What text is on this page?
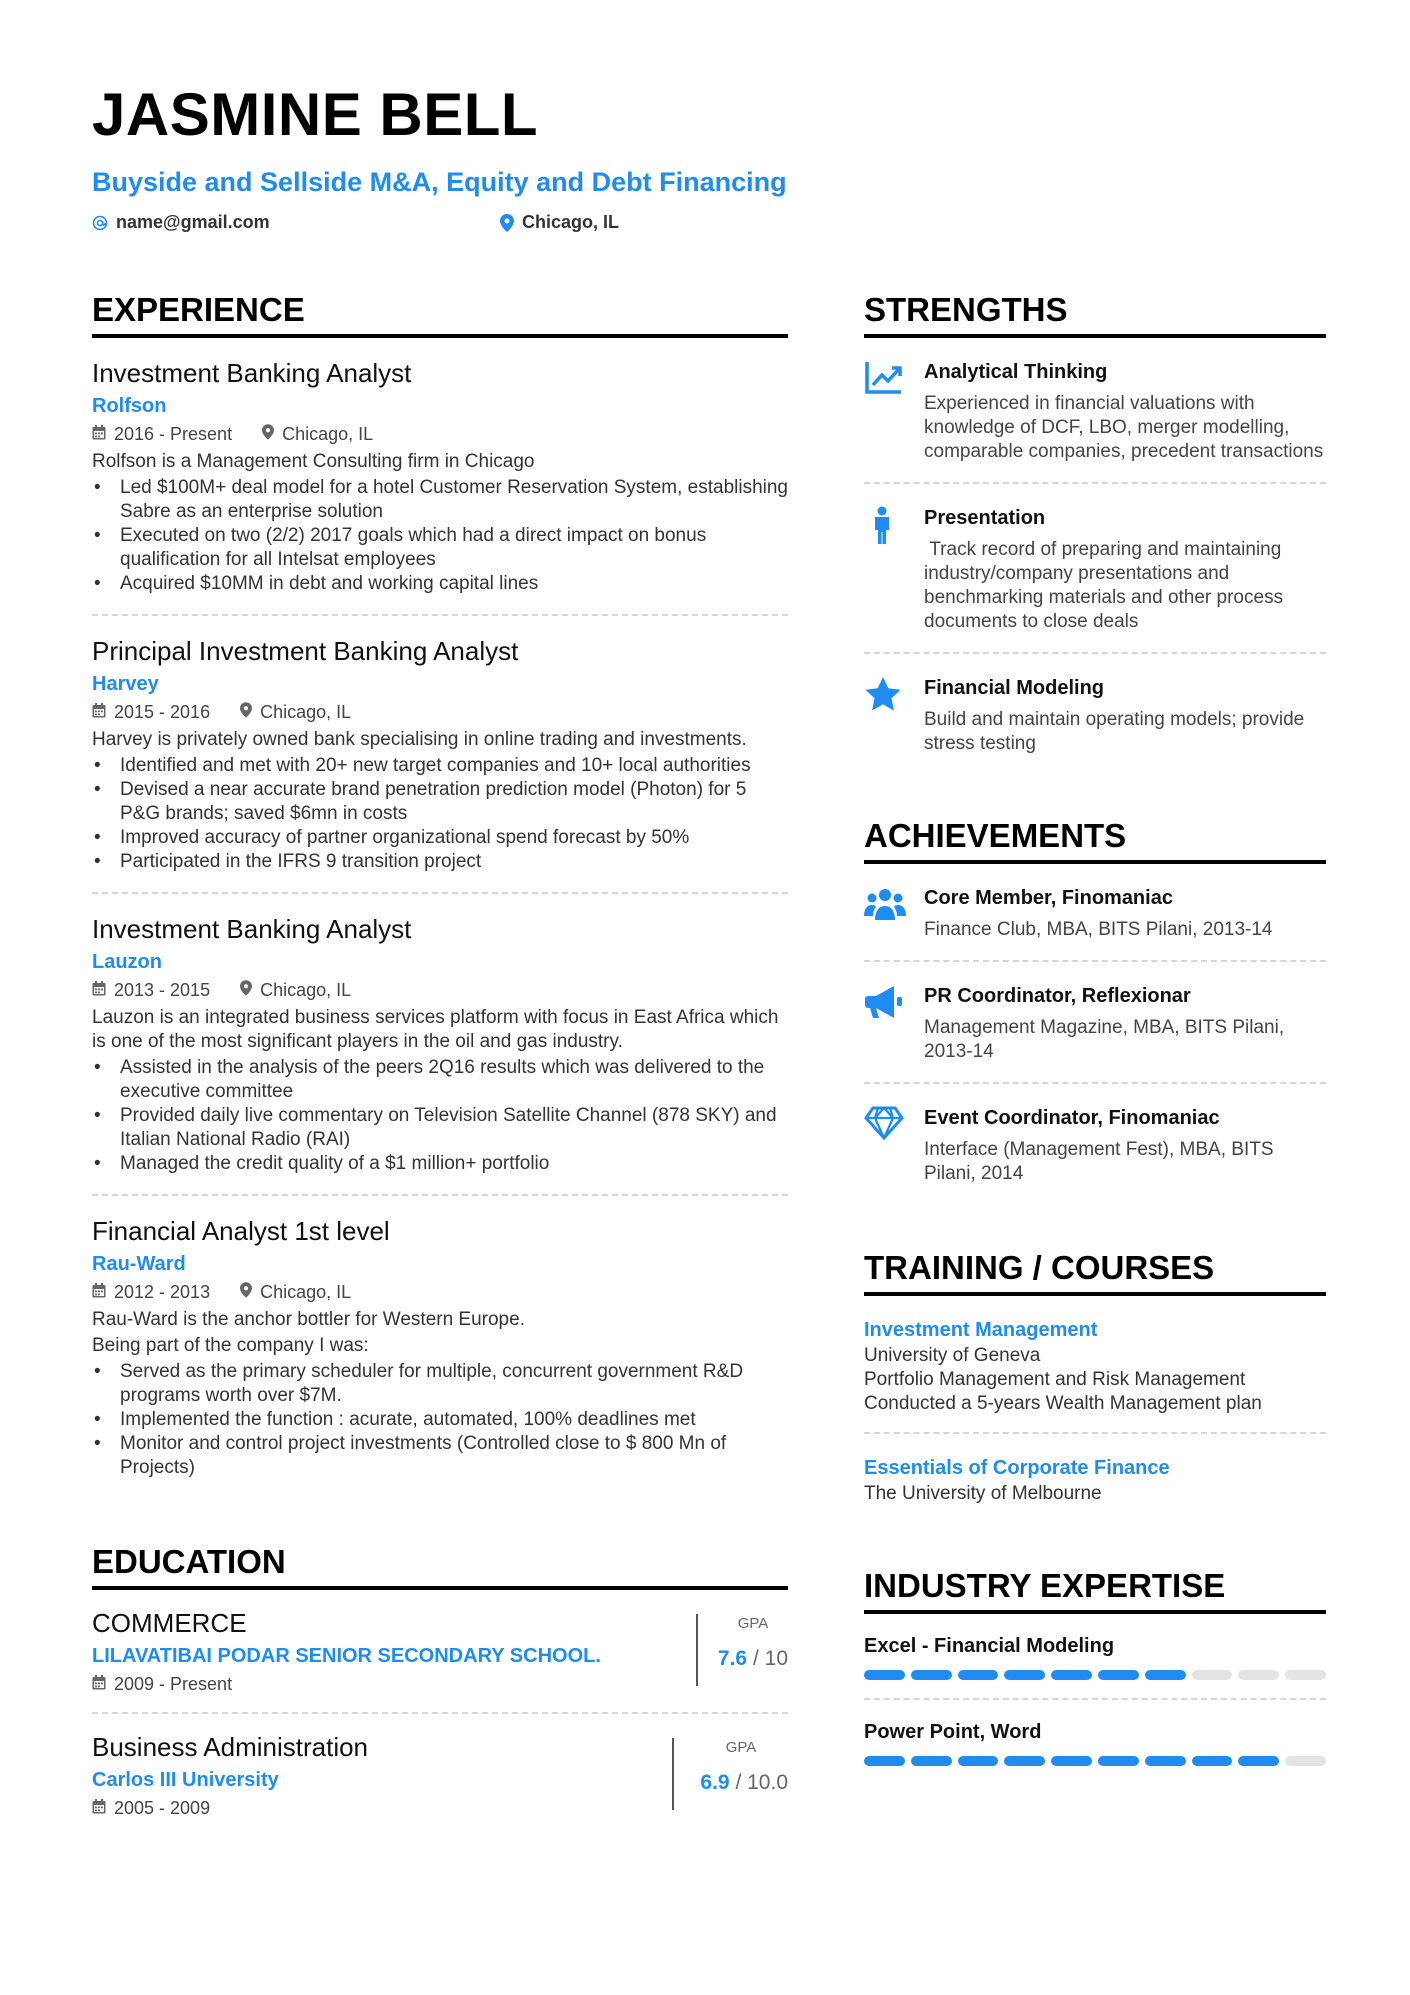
JASMINE BELL
Buyside and Sellside M&A, Equity and Debt Financing
name@gmail.com	Chicago, IL
EXPERIENCE
Investment Banking Analyst
Rolfson
2016 - Present	Chicago, IL
Rolfson is a Management Consulting firm in Chicago
• Led $100M+ deal model for a hotel Customer Reservation System, establishing Sabre as an enterprise solution
• Executed on two (2/2) 2017 goals which had a direct impact on bonus qualification for all Intelsat employees
• Acquired $10MM in debt and working capital lines
Principal Investment Banking Analyst
Harvey
2015 - 2016	Chicago, IL
Harvey is privately owned bank specialising in online trading and investments.
• Identified and met with 20+ new target companies and 10+ local authorities
• Devised a near accurate brand penetration prediction model (Photon) for 5 P&G brands; saved $6mn in costs
• Improved accuracy of partner organizational spend forecast by 50%
• Participated in the IFRS 9 transition project
Investment Banking Analyst
Lauzon
2013 - 2015	Chicago, IL
Lauzon is an integrated business services platform with focus in East Africa which is one of the most significant players in the oil and gas industry.
• Assisted in the analysis of the peers 2Q16 results which was delivered to the executive committee
• Provided daily live commentary on Television Satellite Channel (878 SKY) and Italian National Radio (RAI)
• Managed the credit quality of a $1 million+ portfolio
Financial Analyst 1st level
Rau-Ward
2012 - 2013	Chicago, IL
Rau-Ward is the anchor bottler for Western Europe.
Being part of the company I was:
• Served as the primary scheduler for multiple, concurrent government R&D programs worth over $7M.
• Implemented the function : acurate, automated, 100% deadlines met
• Monitor and control project investments (Controlled close to $ 800 Mn of Projects)
EDUCATION
COMMERCE
LILAVATIBAI PODAR SENIOR SECONDARY SCHOOL.
2009 - Present
GPA
7.6 / 10
Business Administration
Carlos III University
2005 - 2009
GPA
6.9 / 10.0
STRENGTHS
Analytical Thinking
Experienced in financial valuations with knowledge of DCF, LBO, merger modelling, comparable companies, precedent transactions
Presentation
Track record of preparing and maintaining industry/company presentations and benchmarking materials and other process documents to close deals
Financial Modeling
Build and maintain operating models; provide stress testing
ACHIEVEMENTS
Core Member, Finomaniac
Finance Club, MBA, BITS Pilani, 2013-14
PR Coordinator, Reflexionar
Management Magazine, MBA, BITS Pilani, 2013-14
Event Coordinator, Finomaniac
Interface (Management Fest), MBA, BITS Pilani, 2014
TRAINING / COURSES
Investment Management
University of Geneva
Portfolio Management and Risk Management
Conducted a 5-years Wealth Management plan
Essentials of Corporate Finance
The University of Melbourne
INDUSTRY EXPERTISE
Excel - Financial Modeling
Power Point, Word
